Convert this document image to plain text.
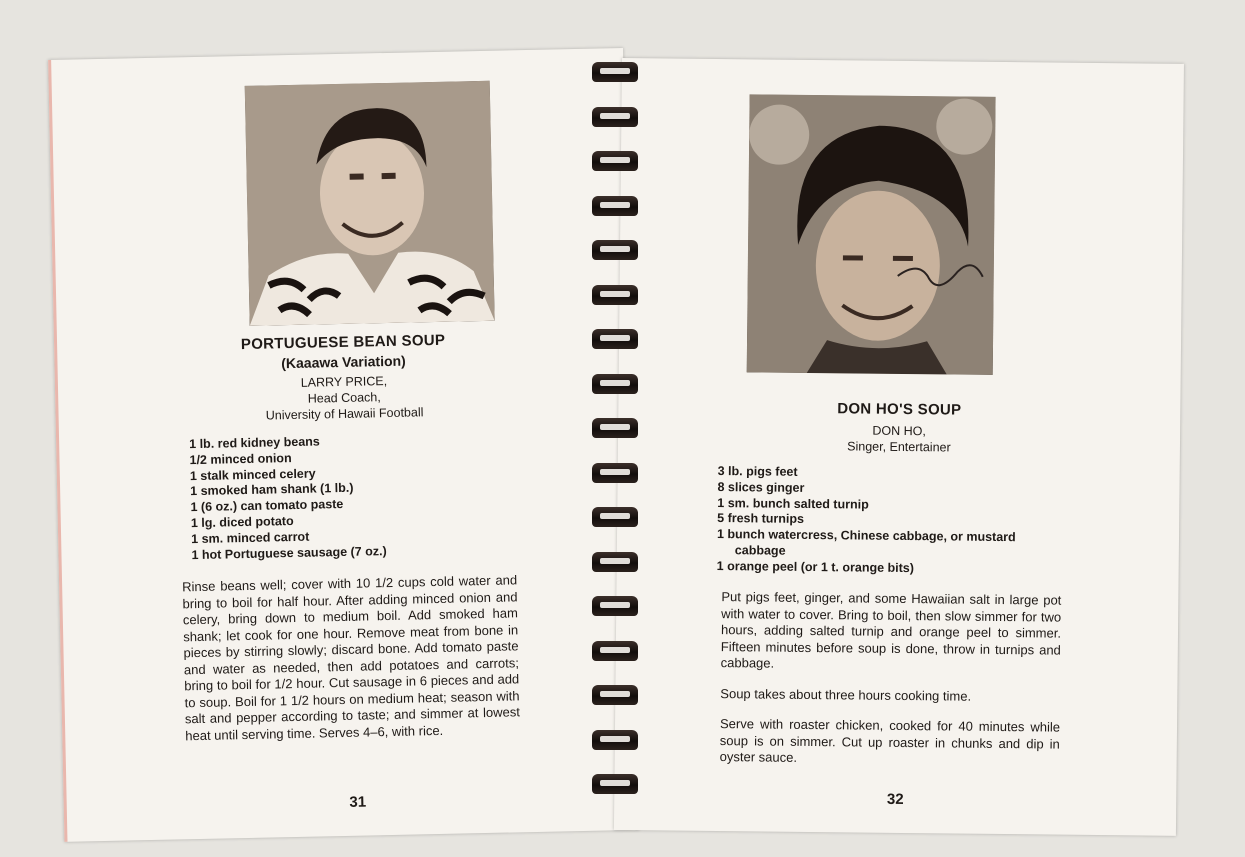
PORTUGUESE BEAN SOUP
(Kaaawa Variation)
LARRY PRICE,
Head Coach,
University of Hawaii Football
1 lb. red kidney beans
1/2 minced onion
1 stalk minced celery
1 smoked ham shank (1 lb.)
1 (6 oz.) can tomato paste
1 lg. diced potato
1 sm. minced carrot
1 hot Portuguese sausage (7 oz.)

Rinse beans well; cover with 10 1/2 cups cold water and bring to boil for half hour. After adding minced onion and celery, bring down to medium boil. Add smoked ham shank; let cook for one hour. Remove meat from bone in pieces by stirring slowly; discard bone. Add tomato paste and water as needed, then add potatoes and carrots; bring to boil for 1/2 hour. Cut sausage in 6 pieces and add to soup. Boil for 1 1/2 hours on medium heat; season with salt and pepper according to taste; and simmer at lowest heat until serving time. Serves 4–6, with rice.

31
DON HO'S SOUP
DON HO,
Singer, Entertainer
3 lb. pigs feet
8 slices ginger
1 sm. bunch salted turnip
5 fresh turnips
1 bunch watercress, Chinese cabbage, or mustard
cabbage
1 orange peel (or 1 t. orange bits)

Put pigs feet, ginger, and some Hawaiian salt in large pot with water to cover. Bring to boil, then slow simmer for two hours, adding salted turnip and orange peel to simmer. Fifteen minutes before soup is done, throw in turnips and cabbage.

Soup takes about three hours cooking time.

Serve with roaster chicken, cooked for 40 minutes while soup is on simmer. Cut up roaster in chunks and dip in oyster sauce.

32
